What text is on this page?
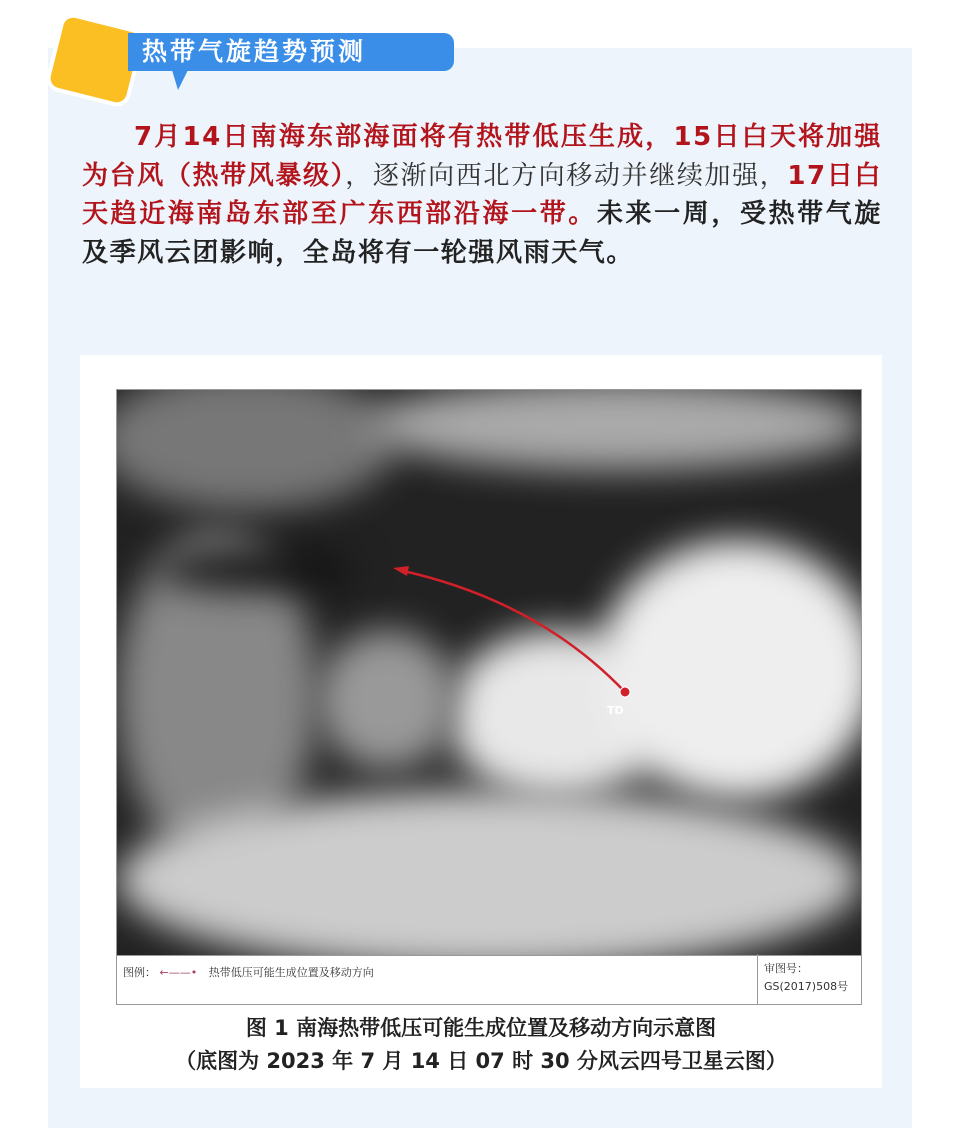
热带气旋趋势预测
7月14日南海东部海面将有热带低压生成，15日白天将加强为台风（热带风暴级），逐渐向西北方向移动并继续加强，17日白天趋近海南岛东部至广东西部沿海一带。未来一周，受热带气旋及季风云团影响，全岛将有一轮强风雨天气。
TD
图例： ←——• 热带低压可能生成位置及移动方向	审图号：
GS(2017)508号
图 1 南海热带低压可能生成位置及移动方向示意图
（底图为 2023 年 7 月 14 日 07 时 30 分风云四号卫星云图）
